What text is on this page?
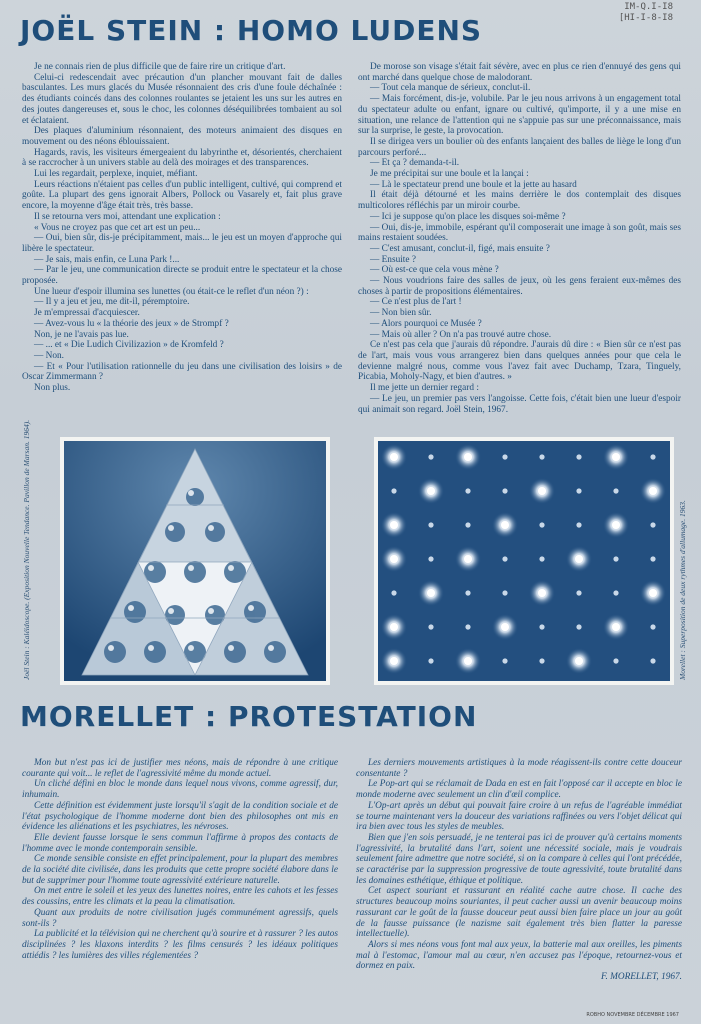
IM-Q.I-I8
[HI-I-8-I8
JOËL STEIN : HOMO LUDENS

Je ne connais rien de plus difficile que de faire rire un critique d'art.

Celui-ci redescendait avec précaution d'un plancher mouvant fait de dalles basculantes. Les murs glacés du Musée résonnaient des cris d'une foule déchaînée : des étudiants coincés dans des colonnes roulantes se jetaient les uns sur les autres en des joutes dangereuses et, sous le choc, les colonnes déséquilibrées tombaient au sol et éclataient.

Des plaques d'aluminium résonnaient, des moteurs animaient des disques en mouvement ou des néons éblouissaient.

Hagards, ravis, les visiteurs émergeaient du labyrinthe et, désorientés, cherchaient à se raccrocher à un univers stable au delà des moirages et des transparences.

Lui les regardait, perplexe, inquiet, méfiant.

Leurs réactions n'étaient pas celles d'un public intelligent, cultivé, qui comprend et goûte. La plupart des gens ignorait Albers, Pollock ou Vasarely et, fait plus grave encore, la moyenne d'âge était très, très basse.

Il se retourna vers moi, attendant une explication :

« Vous ne croyez pas que cet art est un peu...

— Oui, bien sûr, dis-je précipitamment, mais... le jeu est un moyen d'approche qui libère le spectateur.

— Je sais, mais enfin, ce Luna Park !...

— Par le jeu, une communication directe se produit entre le spectateur et la chose proposée.

Une lueur d'espoir illumina ses lunettes (ou était-ce le reflet d'un néon ?) :

— Il y a jeu et jeu, me dit-il, péremptoire.

Je m'empressai d'acquiescer.

— Avez-vous lu « la théorie des jeux » de Strompf ?

Non, je ne l'avais pas lue.

— ... et « Die Ludich Civilizazion » de Kromfeld ?

— Non.

— Et « Pour l'utilisation rationnelle du jeu dans une civilisation des loisirs » de Oscar Zimmermann ?

Non plus.

De morose son visage s'était fait sévère, avec en plus ce rien d'ennuyé des gens qui ont marché dans quelque chose de malodorant.

— Tout cela manque de sérieux, conclut-il.

— Mais forcément, dis-je, volubile. Par le jeu nous arrivons à un engagement total du spectateur adulte ou enfant, ignare ou cultivé, qu'importe, il y a une mise en situation, une relance de l'attention qui ne s'appuie pas sur une préconnaissance, mais sur la surprise, le geste, la provocation.

Il se dirigea vers un boulier où des enfants lançaient des balles de liège le long d'un parcours perforé...

— Et ça ? demanda-t-il.

Je me précipitai sur une boule et la lançai :

— Là le spectateur prend une boule et la jette au hasard

Il était déjà détourné et les mains derrière le dos contemplait des disques multicolores réfléchis par un miroir courbe.

— Ici je suppose qu'on place les disques soi-même ?

— Oui, dis-je, immobile, espérant qu'il composerait une image à son goût, mais ses mains restaient soudées.

— C'est amusant, conclut-il, figé, mais ensuite ?

— Ensuite ?

— Où est-ce que cela vous mène ?

— Nous voudrions faire des salles de jeux, où les gens feraient eux-mêmes des choses à partir de propositions élémentaires.

— Ce n'est plus de l'art !

— Non bien sûr.

— Alors pourquoi ce Musée ?

— Mais où aller ? On n'a pas trouvé autre chose.

Ce n'est pas cela que j'aurais dû répondre. J'aurais dû dire : « Bien sûr ce n'est pas de l'art, mais vous vous arrangerez bien dans quelques années pour que cela le devienne malgré nous, comme vous l'avez fait avec Duchamp, Tzara, Tinguely, Picabia, Moholy-Nagy, et bien d'autres. »

Il me jette un dernier regard :

— Le jeu, un premier pas vers l'angoisse. Cette fois, c'était bien une lueur d'espoir qui animait son regard. Joël Stein, 1967.

Joël Stein : Kaléidoscope. (Exposition Nouvelle Tendance. Pavillon de Marsan. 1964).	Morellet : Superposition de deux rythmes d'allumage. 1963.
MORELLET : PROTESTATION

Mon but n'est pas ici de justifier mes néons, mais de répondre à une critique courante qui voit... le reflet de l'agressivité même du monde actuel.

Un cliché défini en bloc le monde dans lequel nous vivons, comme agressif, dur, inhumain.

Cette définition est évidemment juste lorsqu'il s'agit de la condition sociale et de l'état psychologique de l'homme moderne dont bien des philosophes ont mis en évidence les aliénations et les psychiatres, les névroses.

Elle devient fausse lorsque le sens commun l'affirme à propos des contacts de l'homme avec le monde contemporain sensible.

Ce monde sensible consiste en effet principalement, pour la plupart des membres de la société dite civilisée, dans les produits que cette propre société élabore dans le but de supprimer pour l'homme toute agressivité extérieure naturelle.

On met entre le soleil et les yeux des lunettes noires, entre les cahots et les fesses des coussins, entre les climats et la peau la climatisation.

Quant aux produits de notre civilisation jugés communément agressifs, quels sont-ils ?

La publicité et la télévision qui ne cherchent qu'à sourire et à rassurer ? les autos disciplinées ? les klaxons interdits ? les films censurés ? les idéaux politiques attiédis ? les lumières des villes réglementées ?

Les derniers mouvements artistiques à la mode réagissent-ils contre cette douceur consentante ?

Le Pop-art qui se réclamait de Dada en est en fait l'opposé car il accepte en bloc le monde moderne avec seulement un clin d'œil complice.

L'Op-art après un début qui pouvait faire croire à un refus de l'agréable immédiat se tourne maintenant vers la douceur des variations raffinées ou vers l'objet délicat qui ira bien avec tous les styles de meubles.

Bien que j'en sois persuadé, je ne tenterai pas ici de prouver qu'à certains moments l'agressivité, la brutalité dans l'art, soient une nécessité sociale, mais je voudrais seulement faire admettre que notre société, si on la compare à celles qui l'ont précédée, se caractérise par la suppression progressive de toute agressivité, toute brutalité dans les domaines esthétique, éthique et politique.

Cet aspect souriant et rassurant en réalité cache autre chose. Il cache des structures beaucoup moins souriantes, il peut cacher aussi un avenir beaucoup moins rassurant car le goût de la fausse douceur peut aussi bien faire place un jour au goût de la fausse puissance (le nazisme sait également très bien flatter la paresse intellectuelle).

Alors si mes néons vous font mal aux yeux, la batterie mal aux oreilles, les piments mal à l'estomac, l'amour mal au cœur, n'en accusez pas l'époque, retournez-vous et dormez en paix.

F. MORELLET, 1967.

ROBHO NOVEMBRE DÉCEMBRE 1967
